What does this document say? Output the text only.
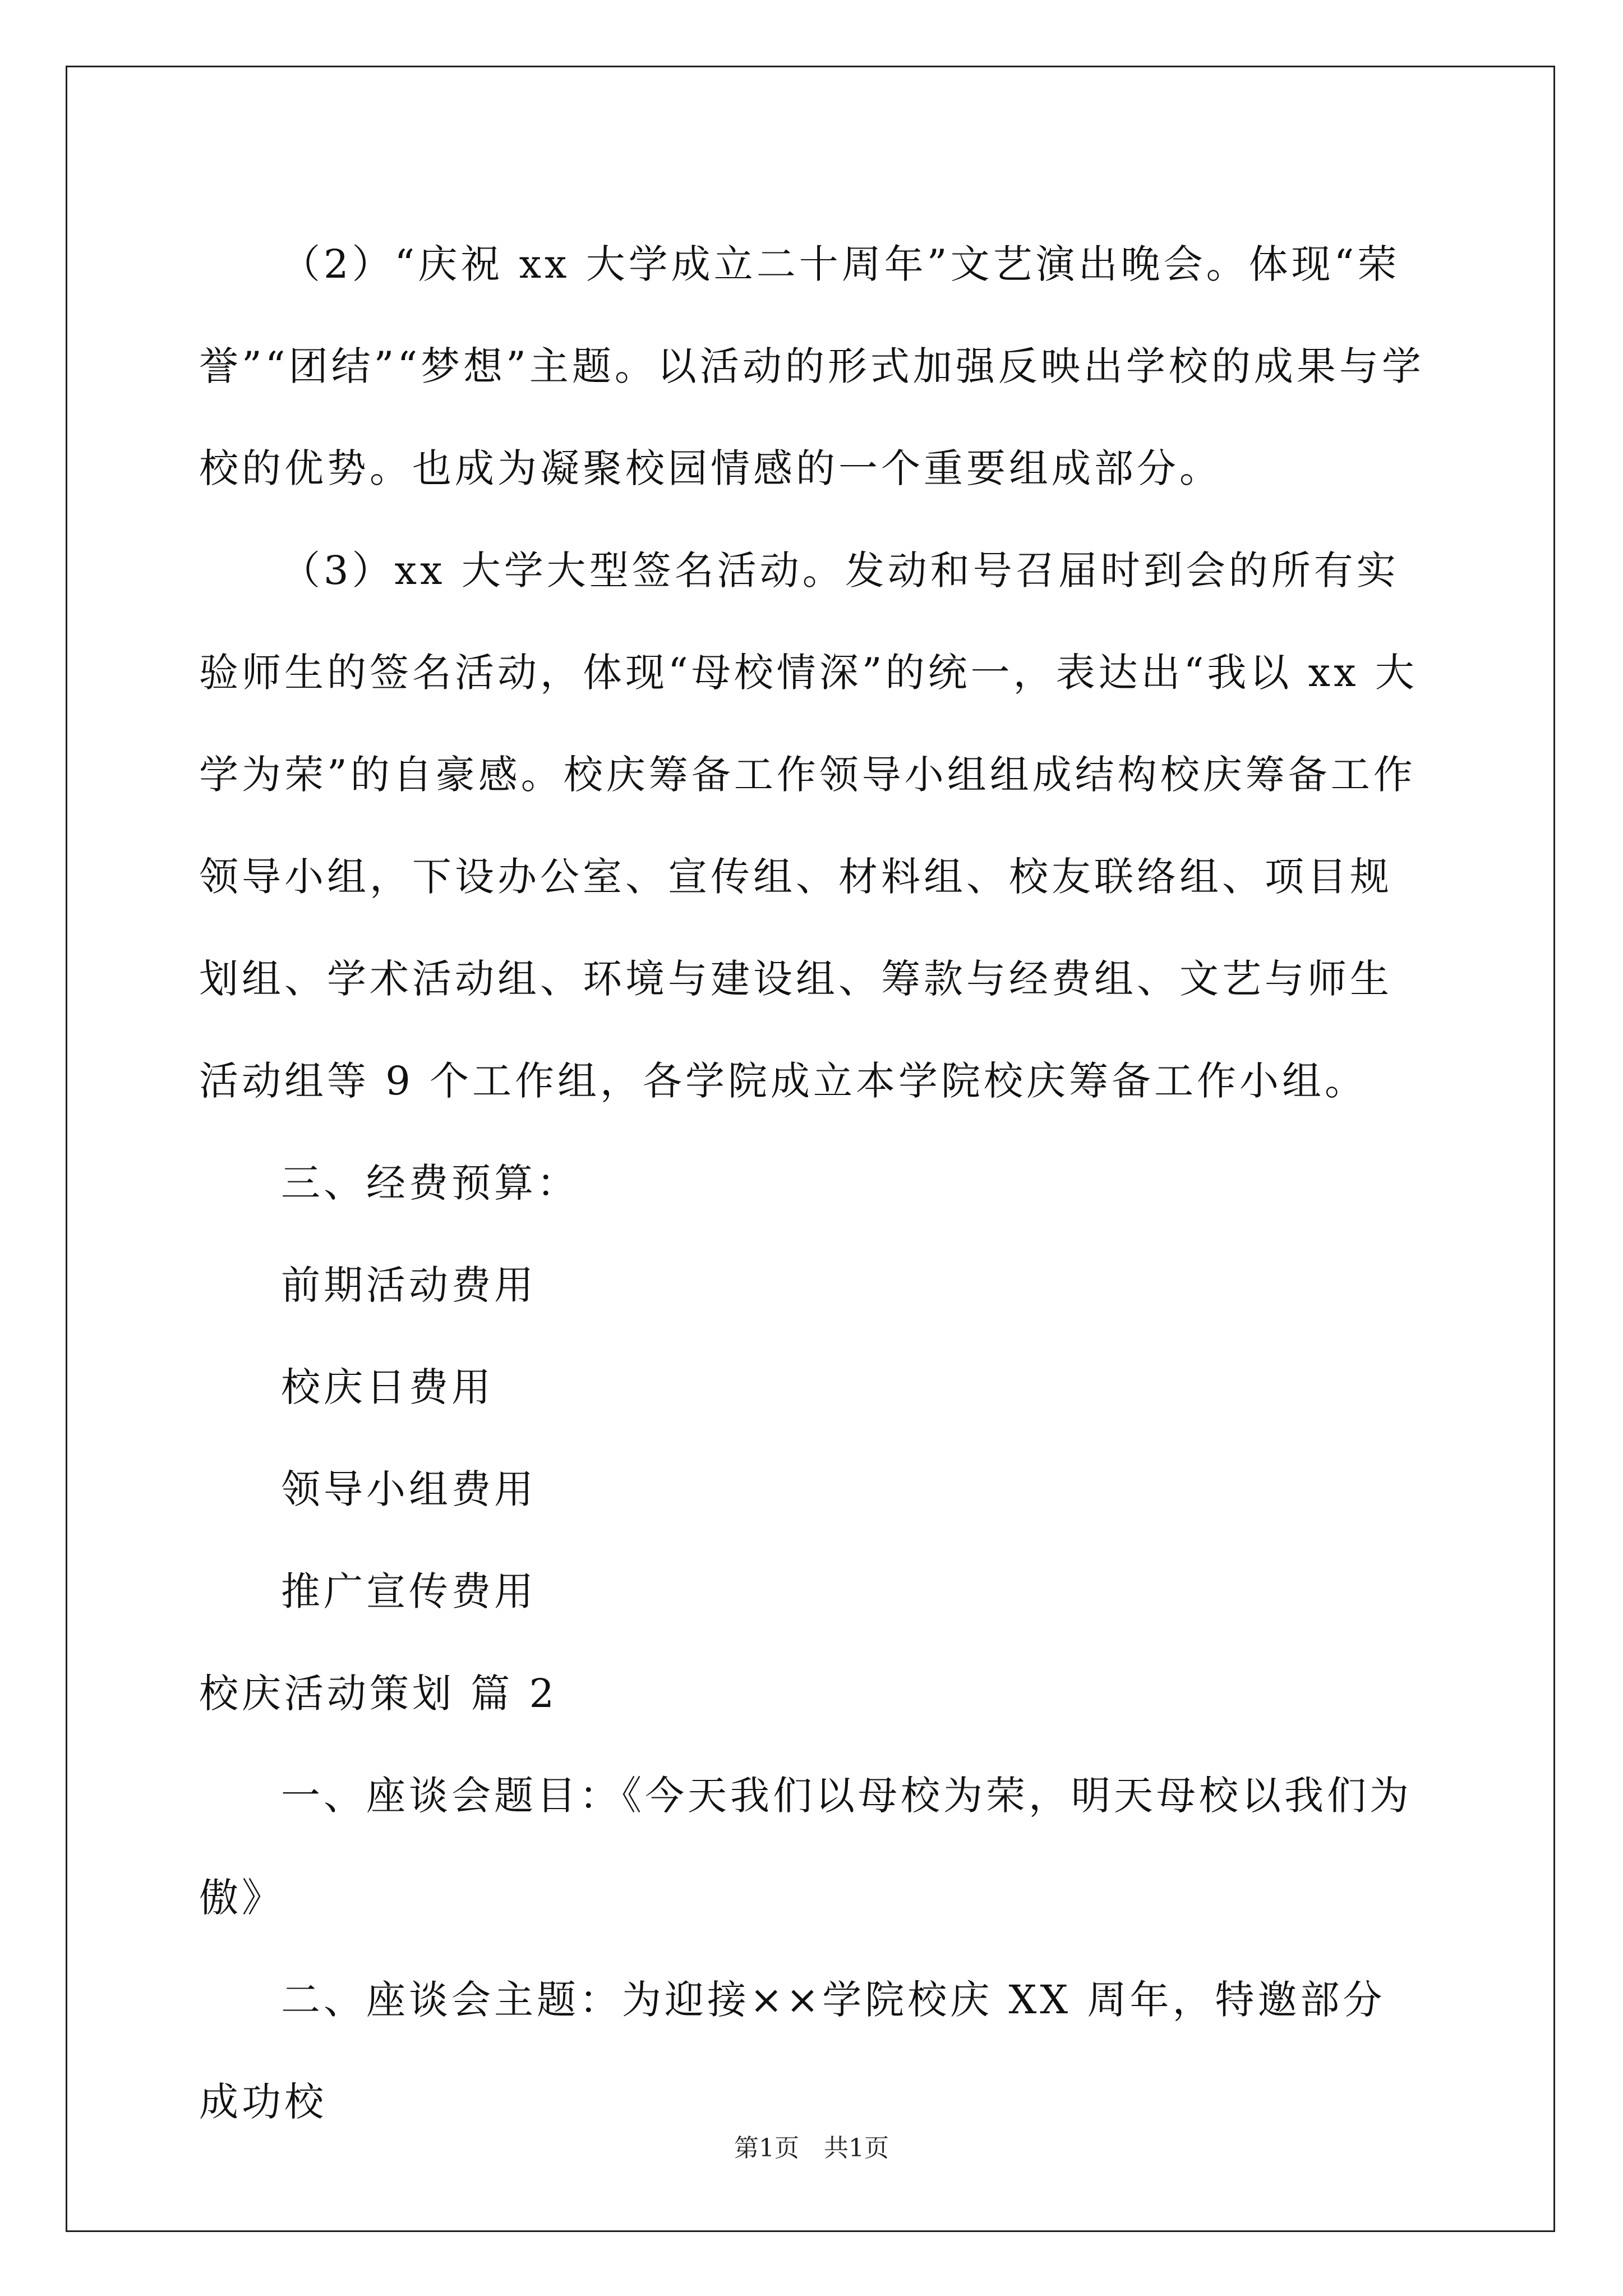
（2）“庆祝 xx 大学成立二十周年”文艺演出晚会。体现“荣誉”“团结”“梦想”主题。以活动的形式加强反映出学校的成果与学校的优势。也成为凝聚校园情感的一个重要组成部分。

（3）xx 大学大型签名活动。发动和号召届时到会的所有实验师生的签名活动，体现“母校情深”的统一，表达出“我以 xx 大学为荣”的自豪感。校庆筹备工作领导小组组成结构校庆筹备工作领导小组，下设办公室、宣传组、材料组、校友联络组、项目规划组、学术活动组、环境与建设组、筹款与经费组、文艺与师生活动组等 9 个工作组，各学院成立本学院校庆筹备工作小组。

三、经费预算：

前期活动费用

校庆日费用

领导小组费用

推广宣传费用

校庆活动策划 篇 2

一、座谈会题目：《今天我们以母校为荣，明天母校以我们为傲》

二、座谈会主题：为迎接××学院校庆 XX 周年，特邀部分成功校

第1页　共1页
